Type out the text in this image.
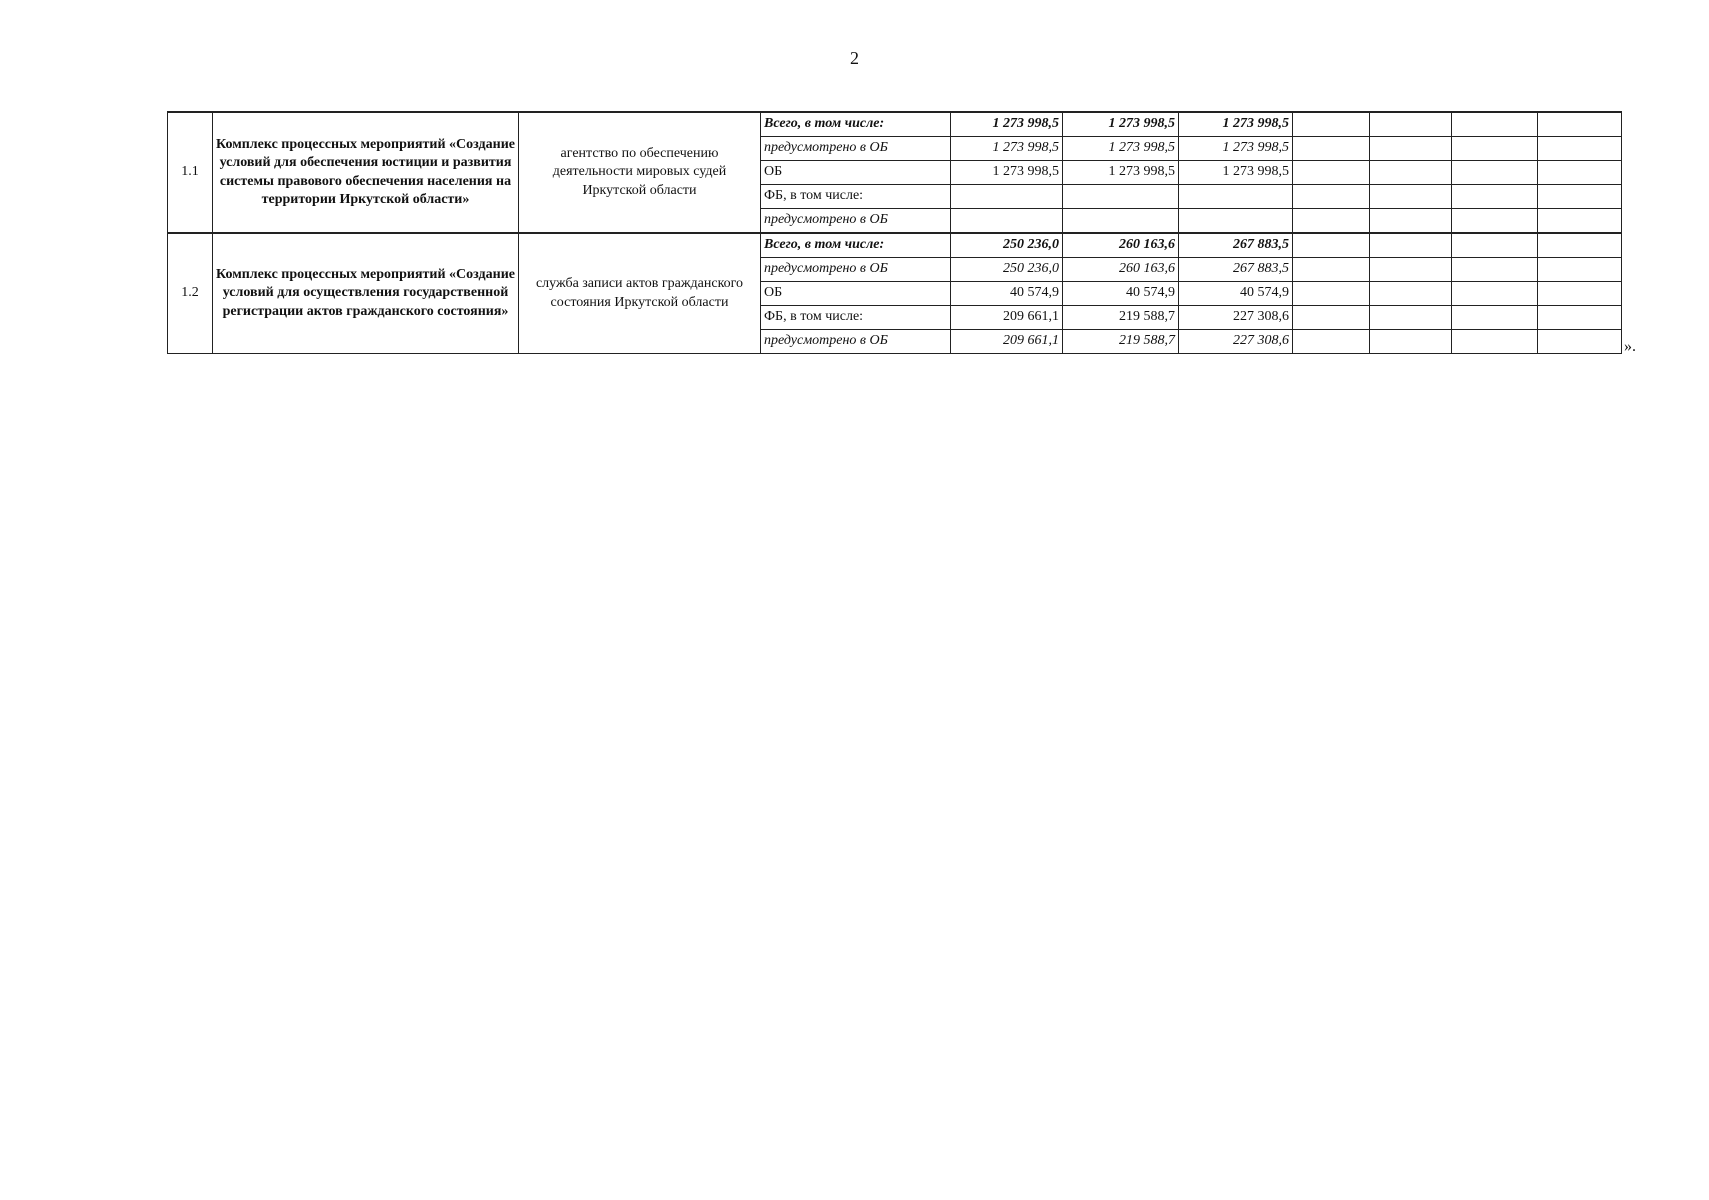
2
1.1	Комплекс процессных мероприятий «Создание условий для обеспечения юстиции и развития системы правового обеспечения населения на территории Иркутской области»	агентство по обеспечению деятельности мировых судей Иркутской области	Всего, в том числе:	1 273 998,5	1 273 998,5	1 273 998,5				
			предусмотрено в ОБ	1 273 998,5	1 273 998,5	1 273 998,5				
			ОБ	1 273 998,5	1 273 998,5	1 273 998,5				
			ФБ, в том числе:							
			предусмотрено в ОБ							
1.2	Комплекс процессных мероприятий «Создание условий для осуществления государственной регистрации актов гражданского состояния»	служба записи актов гражданского состояния Иркутской области	Всего, в том числе:	250 236,0	260 163,6	267 883,5				
			предусмотрено в ОБ	250 236,0	260 163,6	267 883,5				
			ОБ	40 574,9	40 574,9	40 574,9				
			ФБ, в том числе:	209 661,1	219 588,7	227 308,6				
			предусмотрено в ОБ	209 661,1	219 588,7	227 308,6					».
